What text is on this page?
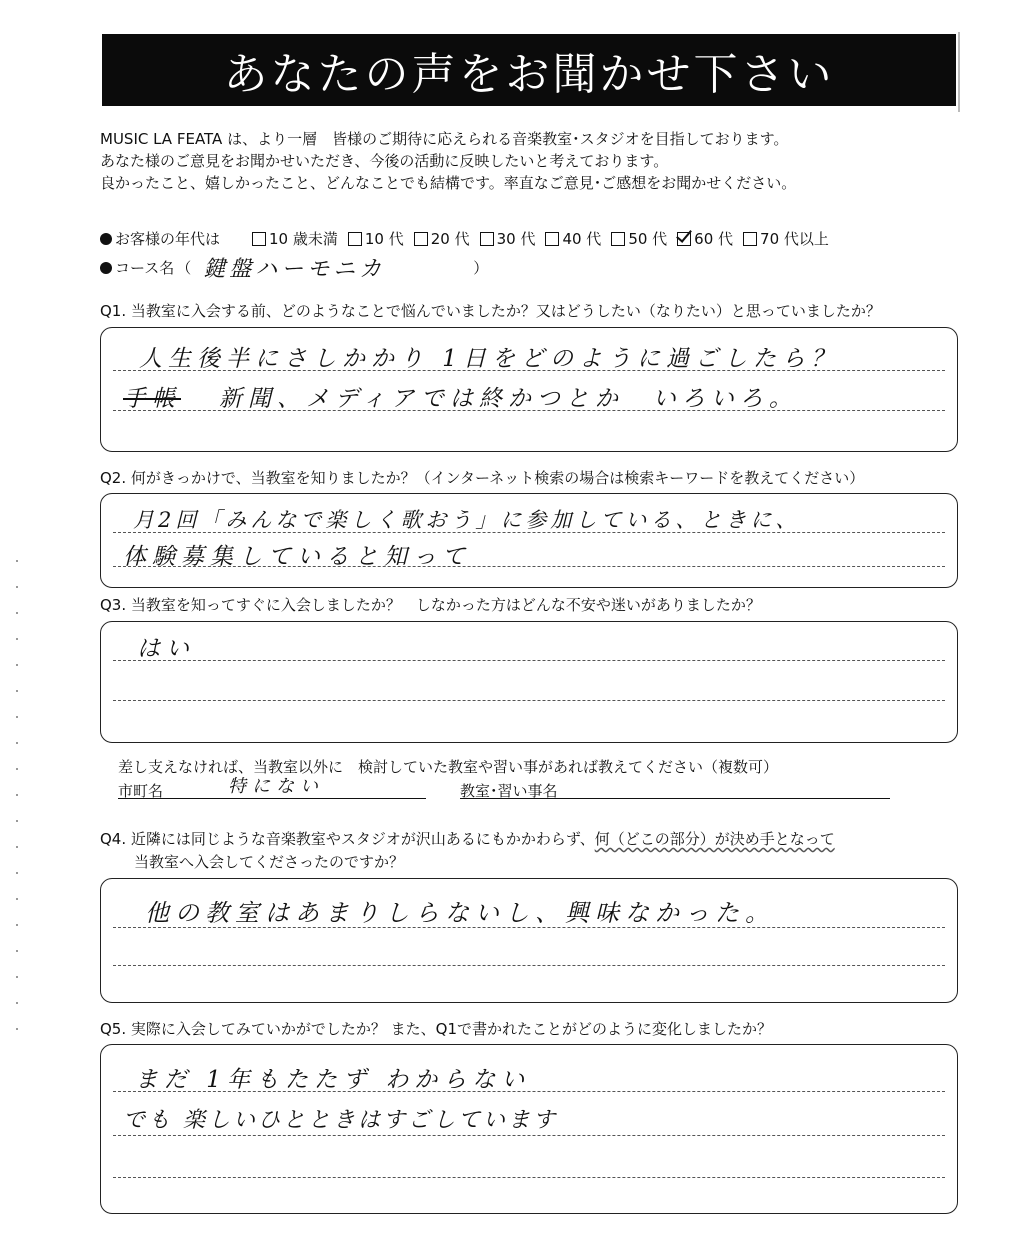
あなたの声をお聞かせ下さい
MUSIC LA FEATA は、より一層　皆様のご期待に応えられる音楽教室･スタジオを目指しております。
あなた様のご意見をお聞かせいただき、今後の活動に反映したいと考えております。
良かったこと、嬉しかったこと、どんなことでも結構です。率直なご意見･ご感想をお聞かせください。
お客様の年代は	10 歳未満 10 代 20 代 30 代 40 代 50 代 60 代 70 代以上
コース名 （ 鍵盤ハーモニカ	）
Q1. 当教室に入会する前、どのようなことで悩んでいましたか？又はどうしたい（なりたい）と思っていましたか？
人生後半にさしかかり 1日をどのように過ごしたら？
手帳 新聞、メディアでは終かつとか　いろいろ。
Q2. 何がきっかけで、当教室を知りましたか？（インターネット検索の場合は検索キーワードを教えてください）
月2回「みんなで楽しく歌おう」に参加している、ときに、
体験募集していると知って
Q3. 当教室を知ってすぐに入会しましたか？　しなかった方はどんな不安や迷いがありましたか？
はい
差し支えなければ、当教室以外に　検討していた教室や習い事があれば教えてください（複数可）
市町名	特にない	教室･習い事名
Q4. 近隣には同じような音楽教室やスタジオが沢山あるにもかかわらず、何（どこの部分）が決め手となって
当教室へ入会してくださったのですか？
他の教室はあまりしらないし、興味なかった。
Q5. 実際に入会してみていかがでしたか？ また、Q1で書かれたことがどのように変化しましたか？
まだ 1年もたたず わからない
でも 楽しいひとときはすごしています
